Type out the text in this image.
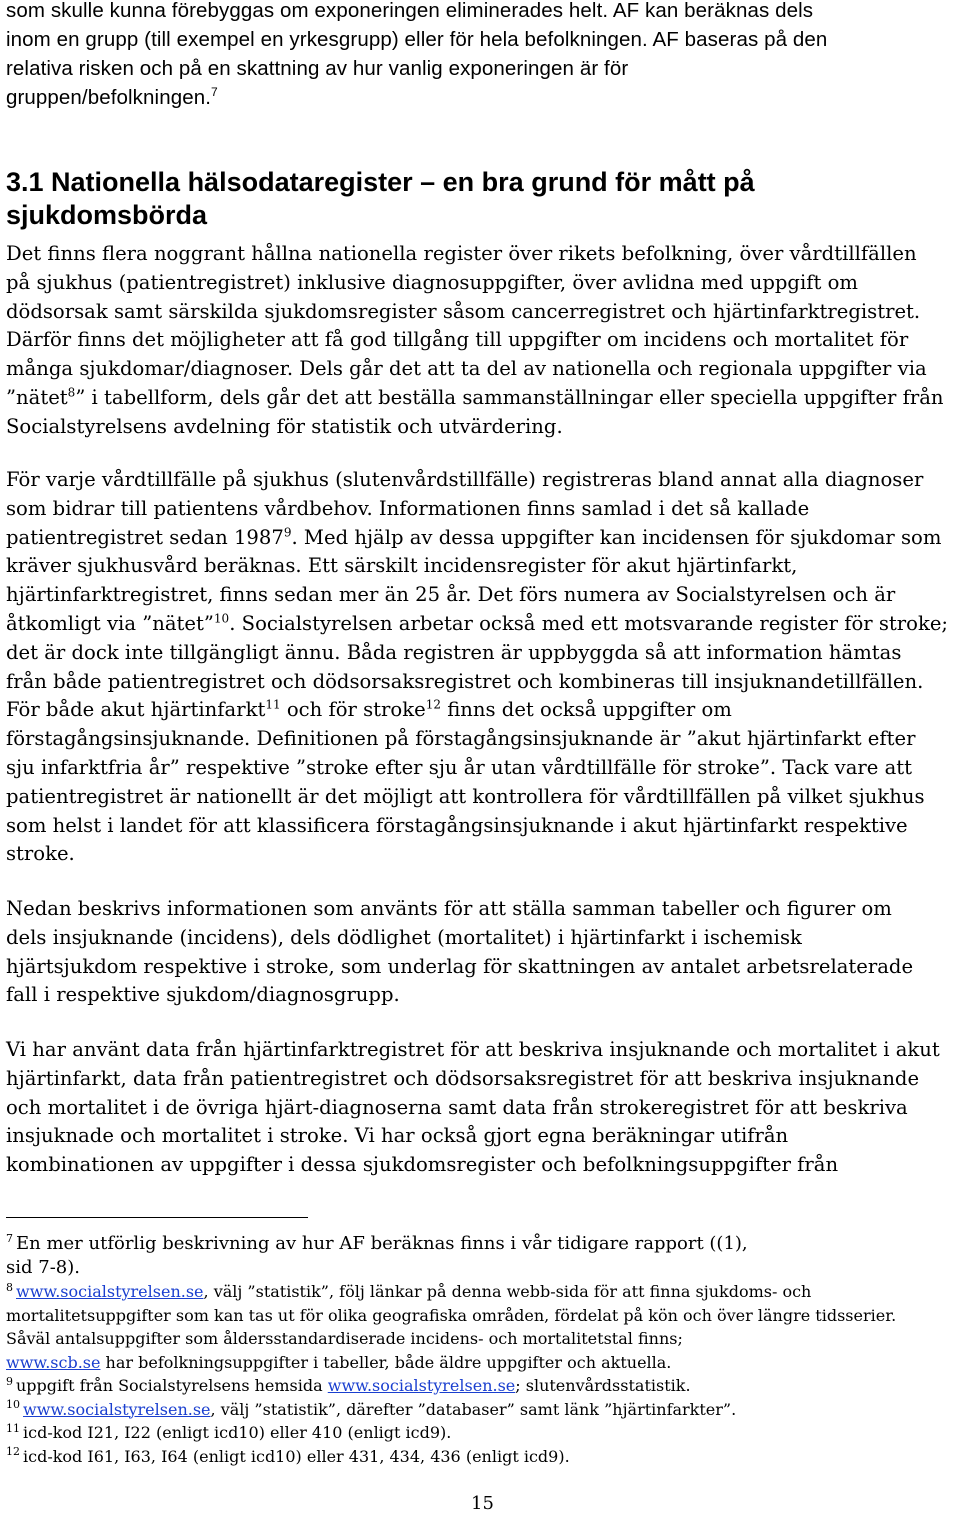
som skulle kunna förebyggas om exponeringen eliminerades helt. AF kan beräknas dels
inom en grupp (till exempel en yrkesgrupp) eller för hela befolkningen. AF baseras på den
relativa risken och på en skattning av hur vanlig exponeringen är för
gruppen/befolkningen.$^7$
3.1 Nationella hälsodataregister – en bra grund för mått på
sjukdomsbörda
Det finns flera noggrant hållna nationella register över rikets befolkning, över vårdtillfällen
på sjukhus (patientregistret) inklusive diagnosuppgifter, över avlidna med uppgift om
dödsorsak samt särskilda sjukdomsregister såsom cancerregistret och hjärtinfarktregistret.
Därför finns det möjligheter att få god tillgång till uppgifter om incidens och mortalitet för
många sjukdomar/diagnoser. Dels går det att ta del av nationella och regionala uppgifter via
”nätet$^8$” i tabellform, dels går det att beställa sammanställningar eller speciella uppgifter från
Socialstyrelsens avdelning för statistik och utvärdering.
För varje vårdtillfälle på sjukhus (slutenvårdstillfälle) registreras bland annat alla diagnoser
som bidrar till patientens vårdbehov. Informationen finns samlad i det så kallade
patientregistret sedan 1987$^9$. Med hjälp av dessa uppgifter kan incidensen för sjukdomar som
kräver sjukhusvård beräknas. Ett särskilt incidensregister för akut hjärtinfarkt,
hjärtinfarktregistret, finns sedan mer än 25 år. Det förs numera av Socialstyrelsen och är
åtkomligt via ”nätet”$^{10}$. Socialstyrelsen arbetar också med ett motsvarande register för stroke;
det är dock inte tillgängligt ännu. Båda registren är uppbyggda så att information hämtas
från både patientregistret och dödsorsaksregistret och kombineras till insjuknandetillfällen.
För både akut hjärtinfarkt$^{11}$ och för stroke$^{12}$ finns det också uppgifter om
förstagångsinsjuknande. Definitionen på förstagångsinsjuknande är ”akut hjärtinfarkt efter
sju infarktfria år” respektive ”stroke efter sju år utan vårdtillfälle för stroke”. Tack vare att
patientregistret är nationellt är det möjligt att kontrollera för vårdtillfällen på vilket sjukhus
som helst i landet för att klassificera förstagångsinsjuknande i akut hjärtinfarkt respektive
stroke.
Nedan beskrivs informationen som använts för att ställa samman tabeller och figurer om
dels insjuknande (incidens), dels dödlighet (mortalitet) i hjärtinfarkt i ischemisk
hjärtsjukdom respektive i stroke, som underlag för skattningen av antalet arbetsrelaterade
fall i respektive sjukdom/diagnosgrupp.
Vi har använt data från hjärtinfarktregistret för att beskriva insjuknande och mortalitet i akut
hjärtinfarkt, data från patientregistret och dödsorsaksregistret för att beskriva insjuknande
och mortalitet i de övriga hjärt-diagnoserna samt data från strokeregistret för att beskriva
insjuknade och mortalitet i stroke. Vi har också gjort egna beräkningar utifrån
kombinationen av uppgifter i dessa sjukdomsregister och befolkningsuppgifter från
$^7$ En mer utförlig beskrivning av hur AF beräknas finns i vår tidigare rapport ((1),
sid 7-8).
$^8$ www.socialstyrelsen.se, välj ”statistik”, följ länkar på denna webb-sida för att finna sjukdoms- och
mortalitetsuppgifter som kan tas ut för olika geografiska områden, fördelat på kön och över längre tidsserier.
Såväl antalsuppgifter som åldersstandardiserade incidens- och mortalitetstal finns;
www.scb.se har befolkningsuppgifter i tabeller, både äldre uppgifter och aktuella.
$^9$ uppgift från Socialstyrelsens hemsida www.socialstyrelsen.se; slutenvårdsstatistik.
$^{10}$ www.socialstyrelsen.se, välj ”statistik”, därefter ”databaser” samt länk ”hjärtinfarkter”.
$^{11}$ icd-kod I21, I22 (enligt icd10) eller 410 (enligt icd9).
$^{12}$ icd-kod I61, I63, I64 (enligt icd10) eller 431, 434, 436 (enligt icd9).
15
